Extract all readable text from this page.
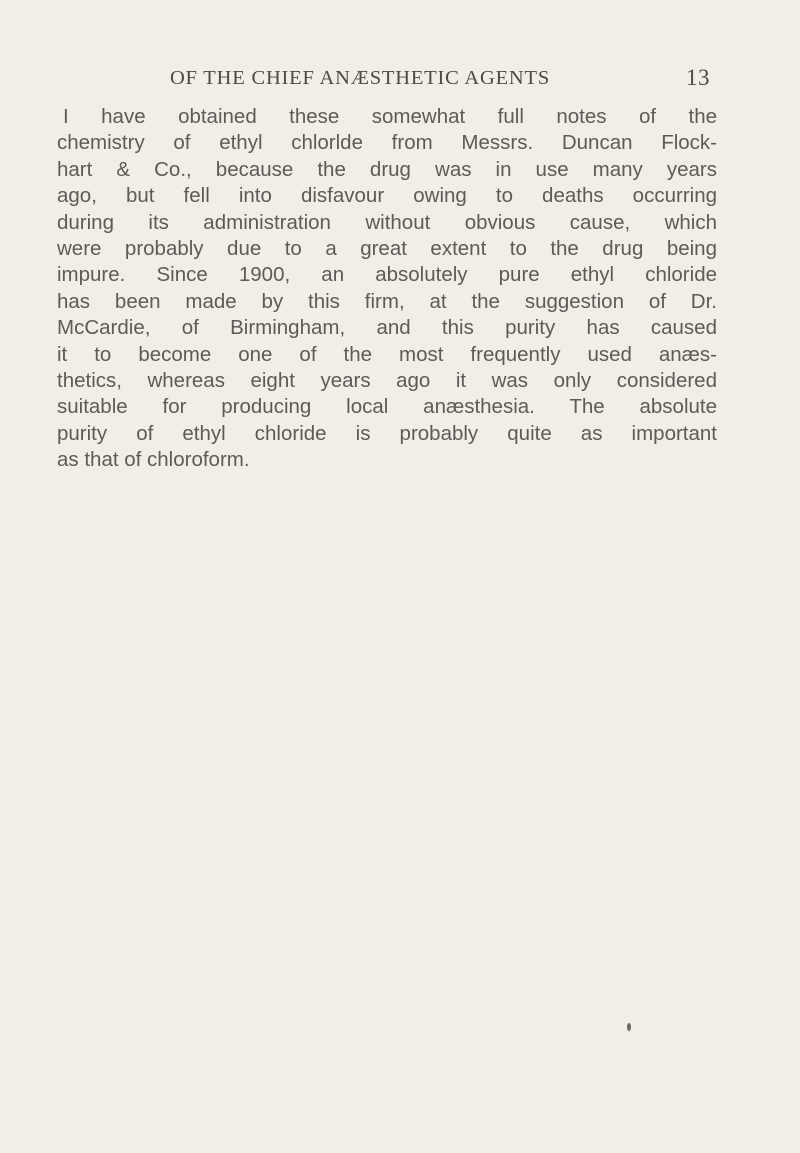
OF THE CHIEF ANÆSTHETIC AGENTS	13
I have obtained these somewhat full notes of the
chemistry of ethyl chlorlde from Messrs. Duncan Flock-
hart & Co., because the drug was in use many years
ago, but fell into disfavour owing to deaths occurring
during its administration without obvious cause, which
were probably due to a great extent to the drug being
impure. Since 1900, an absolutely pure ethyl chloride
has been made by this firm, at the suggestion of Dr.
McCardie, of Birmingham, and this purity has caused
it to become one of the most frequently used anæs-
thetics, whereas eight years ago it was only considered
suitable for producing local anæsthesia. The absolute
purity of ethyl chloride is probably quite as important
as that of chloroform.
